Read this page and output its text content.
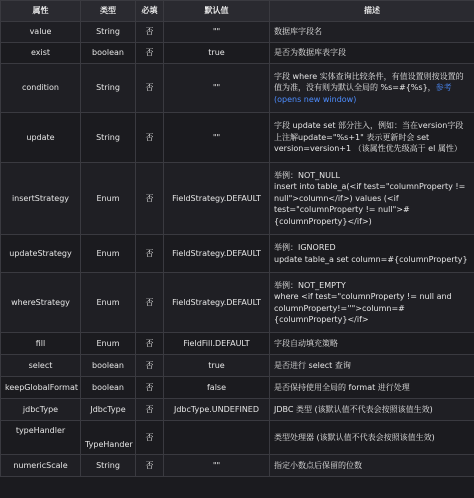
属性	类型	必填	默认值	描述
value	String	否	""	数据库字段名
exist	boolean	否	true	是否为数据库表字段
condition	String	否	""	字段 where 实体查询比较条件，有值设置则按设置的值为准，没有则为默认全局的 %s=#{%s}，参考 (opens new window)
update	String	否	""	字段 update set 部分注入，例如：当在version字段上注解update="%s+1" 表示更新时会 set version=version+1 （该属性优先级高于 el 属性）
insertStrategy	Enum	否	FieldStrategy.DEFAULT	举例：NOT_NULL
insert into table_a(<if test="columnProperty != null">column</if>) values (<if test="columnProperty != null">#{columnProperty}</if>)
updateStrategy	Enum	否	FieldStrategy.DEFAULT	举例：IGNORED
update table_a set column=#{columnProperty}
whereStrategy	Enum	否	FieldStrategy.DEFAULT	举例：NOT_EMPTY
where <if test="columnProperty != null and columnProperty!=''">column=#{columnProperty}</if>
fill	Enum	否	FieldFill.DEFAULT	字段自动填充策略
select	boolean	否	true	是否进行 select 查询
keepGlobalFormat	boolean	否	false	是否保持使用全局的 format 进行处理
jdbcType	JdbcType	否	JdbcType.UNDEFINED	JDBC 类型 (该默认值不代表会按照该值生效)
typeHandler	TypeHander	否		类型处理器 (该默认值不代表会按照该值生效)
numericScale	String	否	""	指定小数点后保留的位数
